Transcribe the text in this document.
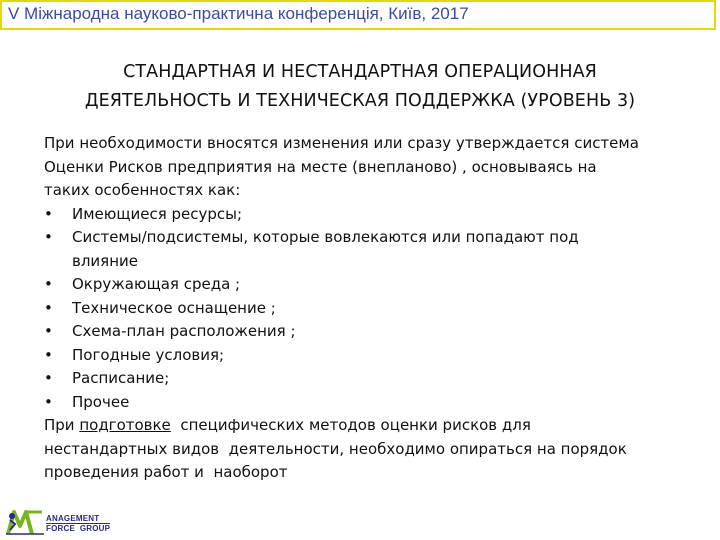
V Міжнародна науково-практична конференція, Київ, 2017
СТАНДАРТНАЯ И НЕСТАНДАРТНАЯ ОПЕРАЦИОННАЯ
ДЕЯТЕЛЬНОСТЬ И ТЕХНИЧЕСКАЯ ПОДДЕРЖКА (УРОВЕНЬ 3)
При необходимости вносятся изменения или сразу утверждается система
Оценки Рисков предприятия на месте (внепланово) , основываясь на
таких особенностях как:
• Имеющиеся ресурсы;
• Системы/подсистемы, которые вовлекаются или попадают под влияние
• Окружающая среда ;
• Техническое оснащение ;
• Схема-план расположения ;
• Погодные условия;
• Расписание;
• Прочее
При подготовке  специфических методов оценки рисков для
нестандартных видов  деятельности, необходимо опираться на порядок
проведения работ и  наоборот
ANAGEMENT
FORCE  GROUP
